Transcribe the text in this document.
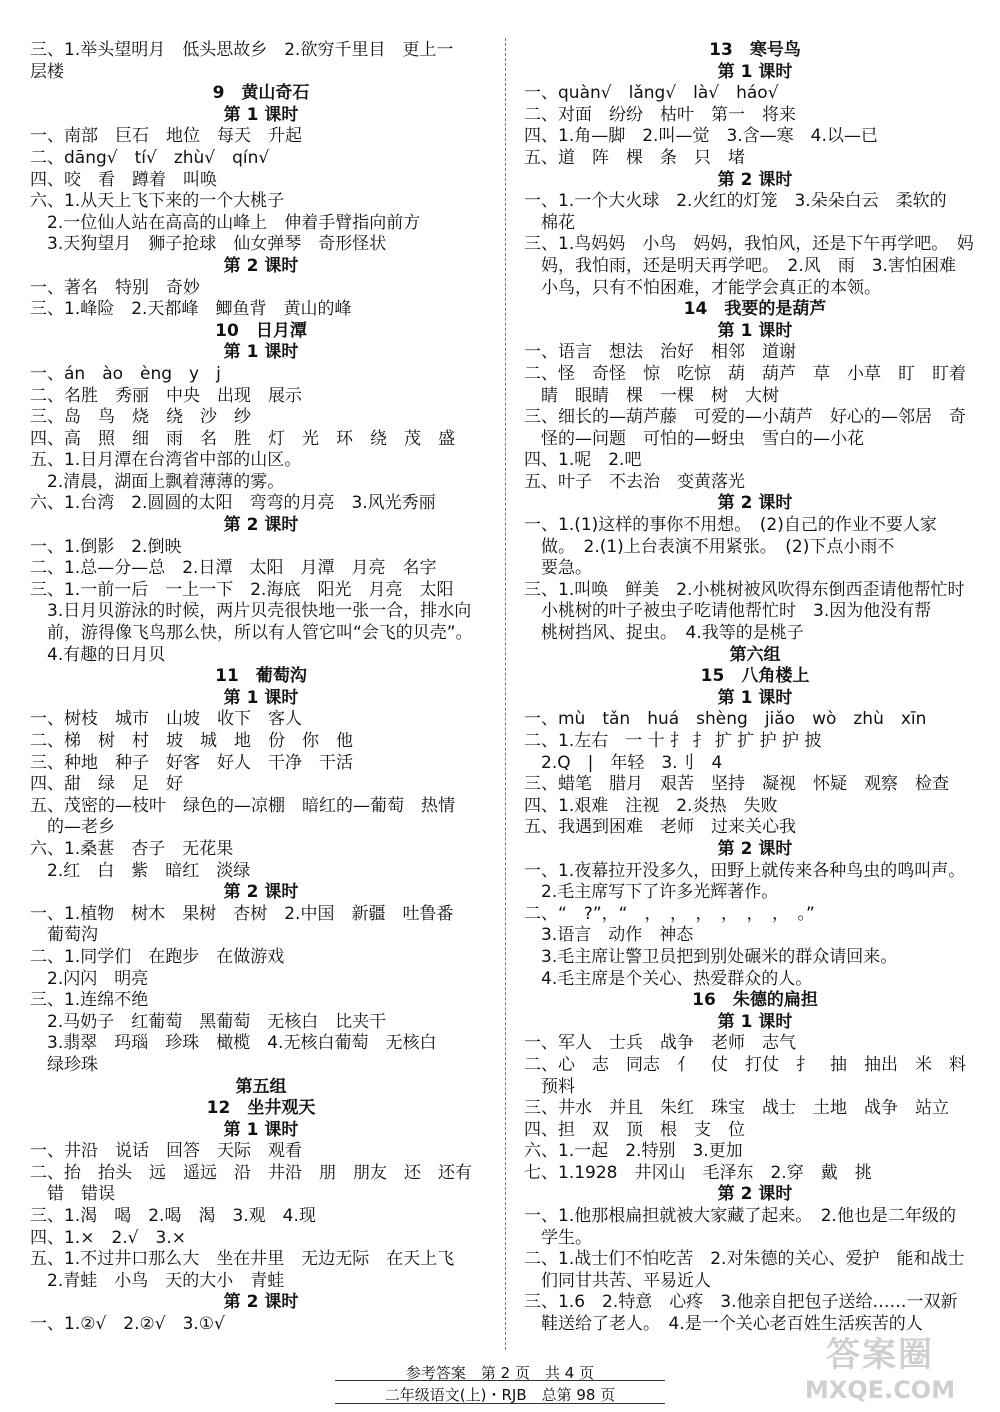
三、1.举头望明月　低头思故乡　2.欲穷千里目　更上一
层楼
9　黄山奇石
第 1 课时
一、南部　巨石　地位　每天　升起
二、dāng√　tí√　zhù√　qín√
四、咬　看　蹲着　叫唤
六、1.从天上飞下来的一个大桃子
　2.一位仙人站在高高的山峰上　伸着手臂指向前方
　3.天狗望月　狮子抢球　仙女弹琴　奇形怪状
第 2 课时
一、著名　特别　奇妙
三、1.峰险　2.天都峰　鲫鱼背　黄山的峰
10　日月潭
第 1 课时
一、án　ào　èng　y　j
二、名胜　秀丽　中央　出现　展示
三、岛　鸟　烧　绕　沙　纱
四、高　照　细　雨　名　胜　灯　光　环　绕　茂　盛
五、1.日月潭在台湾省中部的山区。
　2.清晨，湖面上飘着薄薄的雾。
六、1.台湾　2.圆圆的太阳　弯弯的月亮　3.风光秀丽
第 2 课时
一、1.倒影　2.倒映
二、1.总—分—总　2.日潭　太阳　月潭　月亮　名字
三、1.一前一后　一上一下　2.海底　阳光　月亮　太阳
　3.日月贝游泳的时候，两片贝壳很快地一张一合，排水向
　前，游得像飞鸟那么快，所以有人管它叫“会飞的贝壳”。
　4.有趣的日月贝
11　葡萄沟
第 1 课时
一、树枝　城市　山坡　收下　客人
二、梯　树　村　坡　城　地　份　你　他
三、种地　种子　好客　好人　干净　干活
四、甜　绿　足　好
五、茂密的—枝叶　绿色的—凉棚　暗红的—葡萄　热情
　的—老乡
六、1.桑葚　杏子　无花果
　2.红　白　紫　暗红　淡绿
第 2 课时
一、1.植物　树木　果树　杏树　2.中国　新疆　吐鲁番
　葡萄沟
二、1.同学们　在跑步　在做游戏
　2.闪闪　明亮
三、1.连绵不绝
　2.马奶子　红葡萄　黑葡萄　无核白　比夹干
　3.翡翠　玛瑙　珍珠　橄榄　4.无核白葡萄　无核白
　绿珍珠
第五组
12　坐井观天
第 1 课时
一、井沿　说话　回答　天际　观看
二、抬　抬头　远　遥远　沿　井沿　朋　朋友　还　还有
　错　错误
三、1.渴　喝　2.喝　渴　3.观　4.现
四、1.×　2.√　3.×
五、1.不过井口那么大　坐在井里　无边无际　在天上飞
　2.青蛙　小鸟　天的大小　青蛙
第 2 课时
一、1.②√　2.②√　3.①√
13　寒号鸟
第 1 课时
一、quàn√　lǎng√　là√　háo√
二、对面　纷纷　枯叶　第一　将来
四、1.角—脚　2.叫—觉　3.含—寒　4.以—已
五、道　阵　棵　条　只　堵
第 2 课时
一、1.一个大火球　2.火红的灯笼　3.朵朵白云　柔软的
　棉花
三、1.鸟妈妈　小鸟　妈妈，我怕风，还是下午再学吧。　妈
　妈，我怕雨，还是明天再学吧。　2.风　雨　3.害怕困难
　小鸟，只有不怕困难，才能学会真正的本领。
14　我要的是葫芦
第 1 课时
一、语言　想法　治好　相邻　道谢
二、怪　奇怪　惊　吃惊　葫　葫芦　草　小草　盯　盯着
　睛　眼睛　棵　一棵　树　大树
三、细长的—葫芦藤　可爱的—小葫芦　好心的—邻居　奇
　怪的—问题　可怕的—蚜虫　雪白的—小花
四、1.呢　2.吧
五、叶子　不去治　变黄落光
第 2 课时
一、1.(1)这样的事你不用想。　(2)自己的作业不要人家
　做。　2.(1)上台表演不用紧张。　(2)下点小雨不
　要急。
三、1.叫唤　鲜美　2.小桃树被风吹得东倒西歪请他帮忙时
　小桃树的叶子被虫子吃请他帮忙时　3.因为他没有帮
　桃树挡风、捉虫。　4.我等的是桃子
第六组
15　八角楼上
第 1 课时
一、mù　tǎn　huá　shèng　jiǎo　wò　zhù　xīn
二、1.左右　一 十 扌 扌 扩 扩 护 护 披
　2.Q　|　年轻　3.刂　4
三、蜡笔　腊月　艰苦　坚持　凝视　怀疑　观察　检查
四、1.艰难　注视　2.炎热　失败
五、我遇到困难　老师　过来关心我
第 2 课时
一、1.夜幕拉开没多久，田野上就传来各种鸟虫的鸣叫声。
　2.毛主席写下了许多光辉著作。
二、“　?”，“　，　，　，　，　，　，　。”
　3.语言　动作　神态
　3.毛主席让警卫员把到别处碾米的群众请回来。
　4.毛主席是个关心、热爱群众的人。
16　朱德的扁担
第 1 课时
一、军人　士兵　战争　老师　志气
二、心　志　同志　亻　仗　打仗　扌　抽　抽出　米　料
　预料
三、井水　并且　朱红　珠宝　战士　土地　战争　站立
四、担　双　顶　根　支　位
六、1.一起　2.特别　3.更加
七、1.1928　井冈山　毛泽东　2.穿　戴　挑
第 2 课时
一、1.他那根扁担就被大家藏了起来。　2.他也是二年级的
　学生。
二、1.战士们不怕吃苦　2.对朱德的关心、爱护　能和战士
　们同甘共苦、平易近人
三、1.6　2.特意　心疼　3.他亲自把包子送给……一双新
　鞋送给了老人。　4.是一个关心老百姓生活疾苦的人
参考答案　第 2 页　共 4 页
二年级语文(上)・RJB　总第 98 页
答案圈
MXQE.COM
